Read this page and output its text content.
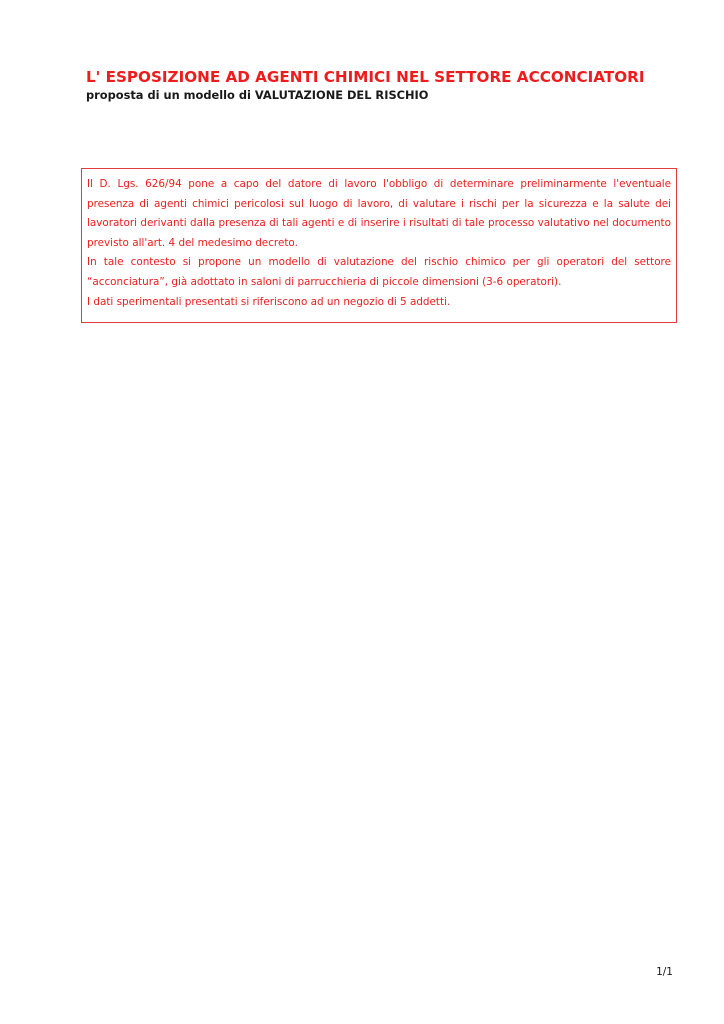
L' ESPOSIZIONE AD AGENTI CHIMICI NEL SETTORE ACCONCIATORI
proposta di un modello di VALUTAZIONE DEL RISCHIO

Il D. Lgs. 626/94 pone a capo del datore di lavoro l'obbligo di determinare preliminarmente l'eventuale presenza di agenti chimici pericolosi sul luogo di lavoro, di valutare i rischi per la sicurezza e la salute dei lavoratori derivanti dalla presenza di tali agenti e di inserire i risultati di tale processo valutativo nel documento previsto all'art. 4 del medesimo decreto.

In tale contesto si propone un modello di valutazione del rischio chimico per gli operatori del settore “acconciatura”, già adottato in saloni di parrucchieria di piccole dimensioni (3-6 operatori).

I dati sperimentali presentati si riferiscono ad un negozio di 5 addetti.

1/1
